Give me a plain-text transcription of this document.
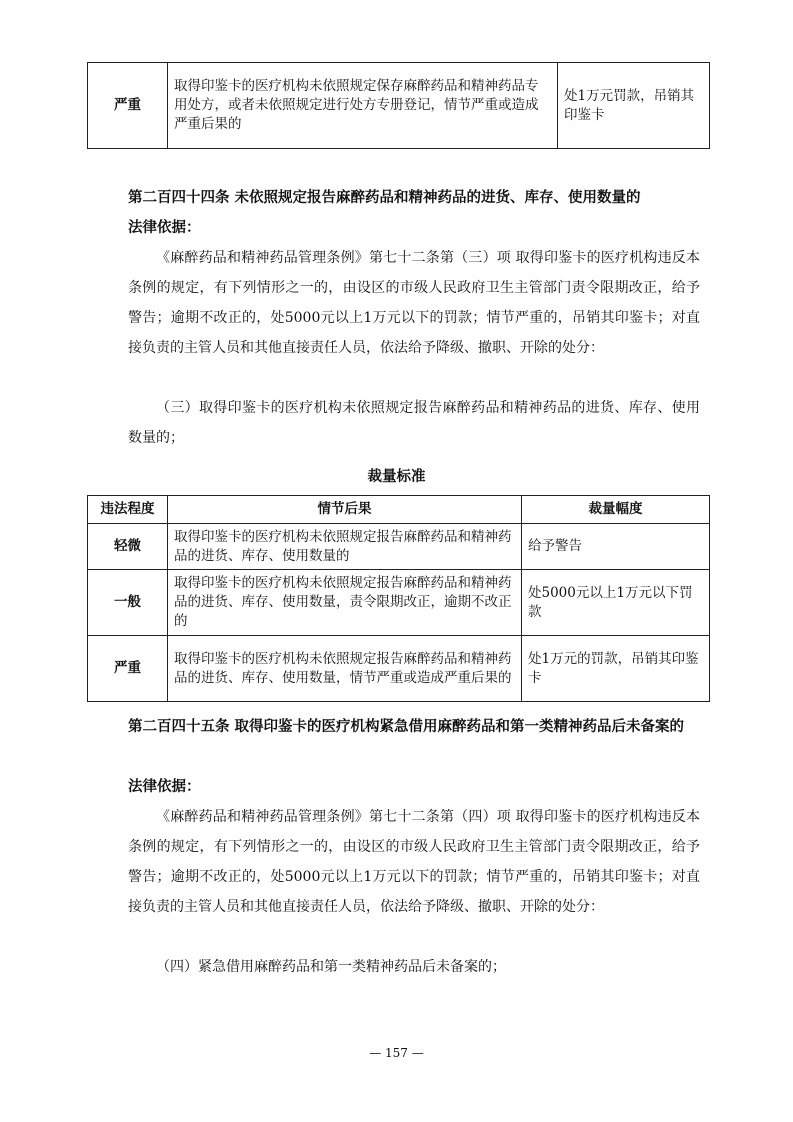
严重	取得印鉴卡的医疗机构未依照规定保存麻醉药品和精神药品专用处方，或者未依照规定进行处方专册登记，情节严重或造成严重后果的	处1万元罚款，吊销其印鉴卡

第二百四十四条 未依照规定报告麻醉药品和精神药品的进货、库存、使用数量的

法律依据：

《麻醉药品和精神药品管理条例》第七十二条第（三）项 取得印鉴卡的医疗机构违反本条例的规定，有下列情形之一的，由设区的市级人民政府卫生主管部门责令限期改正，给予警告；逾期不改正的，处5000元以上1万元以下的罚款；情节严重的，吊销其印鉴卡；对直接负责的主管人员和其他直接责任人员，依法给予降级、撤职、开除的处分：

（三）取得印鉴卡的医疗机构未依照规定报告麻醉药品和精神药品的进货、库存、使用数量的；

裁量标准

违法程度	情节后果	裁量幅度
轻微	取得印鉴卡的医疗机构未依照规定报告麻醉药品和精神药品的进货、库存、使用数量的	给予警告
一般	取得印鉴卡的医疗机构未依照规定报告麻醉药品和精神药品的进货、库存、使用数量，责令限期改正，逾期不改正的	处5000元以上1万元以下罚款
严重	取得印鉴卡的医疗机构未依照规定报告麻醉药品和精神药品的进货、库存、使用数量，情节严重或造成严重后果的	处1万元的罚款，吊销其印鉴卡

第二百四十五条 取得印鉴卡的医疗机构紧急借用麻醉药品和第一类精神药品后未备案的

法律依据：

《麻醉药品和精神药品管理条例》第七十二条第（四）项 取得印鉴卡的医疗机构违反本条例的规定，有下列情形之一的，由设区的市级人民政府卫生主管部门责令限期改正，给予警告；逾期不改正的，处5000元以上1万元以下的罚款；情节严重的，吊销其印鉴卡；对直接负责的主管人员和其他直接责任人员，依法给予降级、撤职、开除的处分：

（四）紧急借用麻醉药品和第一类精神药品后未备案的；

— 157 —
